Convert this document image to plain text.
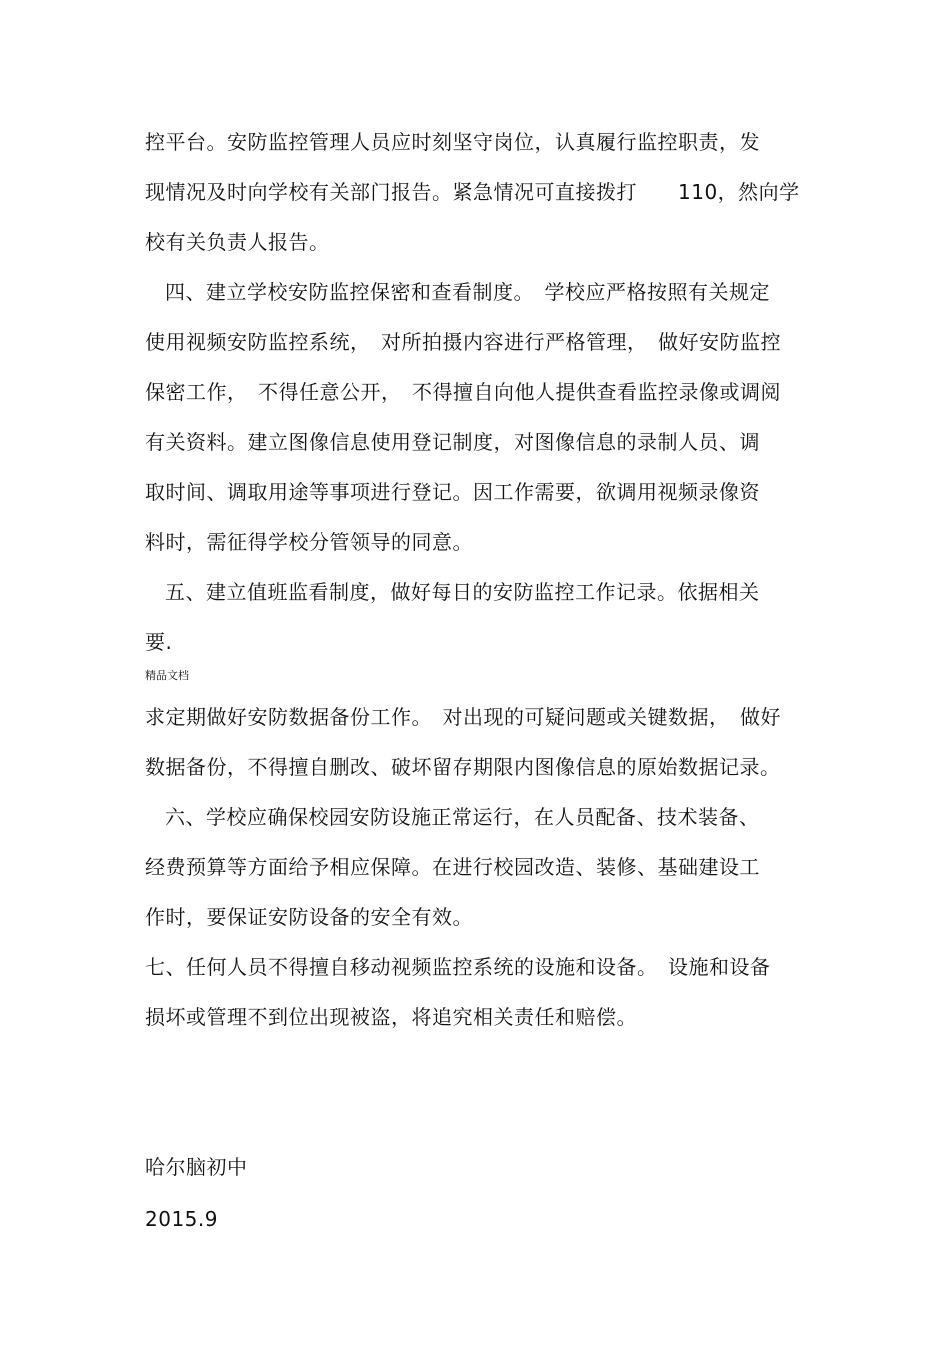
控平台。安防监控管理人员应时刻坚守岗位，认真履行监控职责，发
现情况及时向学校有关部门报告。紧急情况可直接拨打　　110，然向学
校有关负责人报告。
四、建立学校安防监控保密和查看制度。　学校应严格按照有关规定
使用视频安防监控系统，　对所拍摄内容进行严格管理，　做好安防监控
保密工作，　不得任意公开，　不得擅自向他人提供查看监控录像或调阅
有关资料。建立图像信息使用登记制度，对图像信息的录制人员、调
取时间、调取用途等事项进行登记。因工作需要，欲调用视频录像资
料时，需征得学校分管领导的同意。
五、建立值班监看制度，做好每日的安防监控工作记录。依据相关
要.
精品文档
求定期做好安防数据备份工作。　对出现的可疑问题或关键数据，　做好
数据备份，不得擅自删改、破坏留存期限内图像信息的原始数据记录。
六、学校应确保校园安防设施正常运行，在人员配备、技术装备、
经费预算等方面给予相应保障。在进行校园改造、装修、基础建设工
作时，要保证安防设备的安全有效。
七、任何人员不得擅自移动视频监控系统的设施和设备。　设施和设备
损坏或管理不到位出现被盗，将追究相关责任和赔偿。
哈尔脑初中
2015.9
